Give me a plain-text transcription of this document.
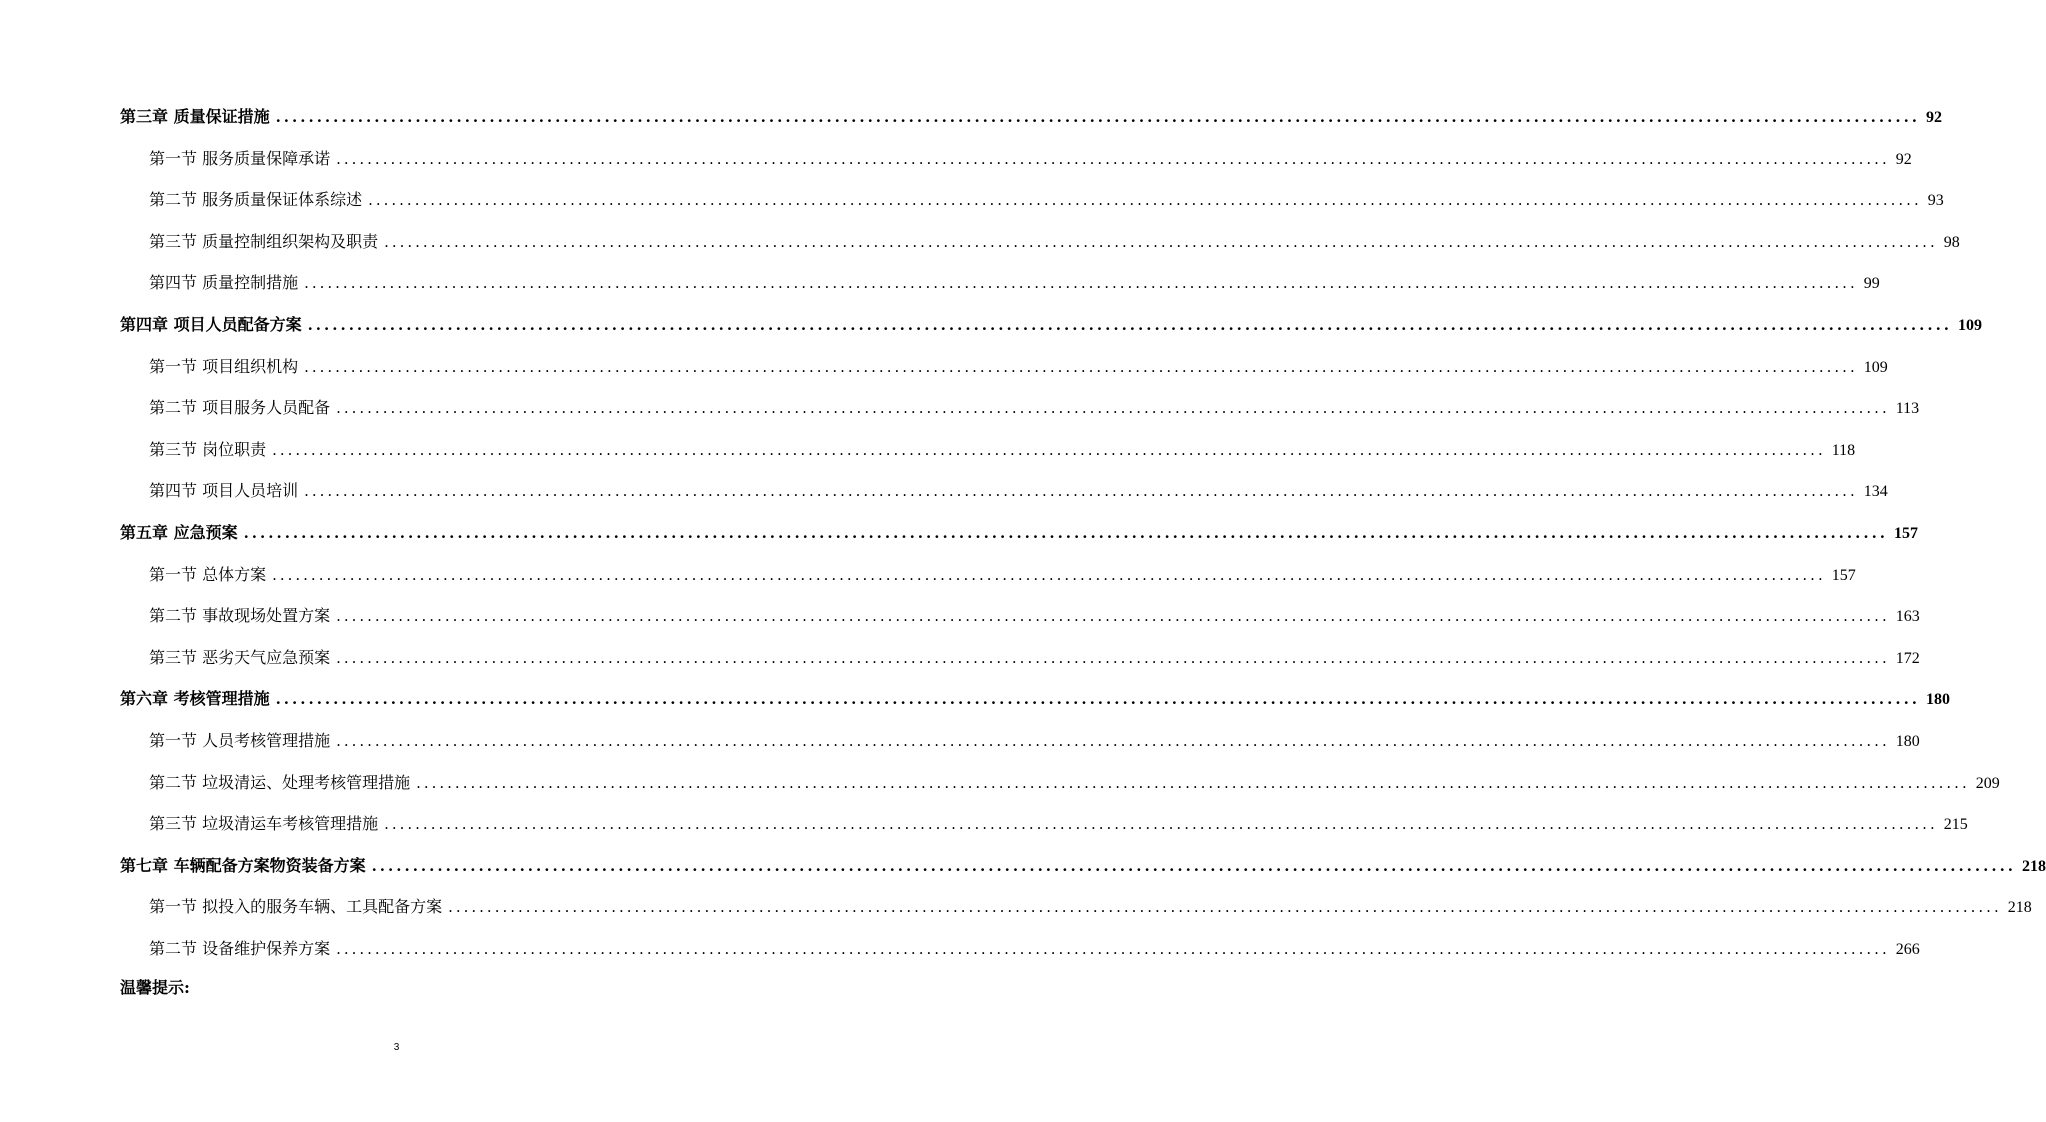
第三章 质量保证措施 ........................................................................................................................................................................................................ 92
第一节 服务质量保障承诺 ........................................................................................................................................................................................................ 92
第二节 服务质量保证体系综述 ........................................................................................................................................................................................................ 93
第三节 质量控制组织架构及职责 ........................................................................................................................................................................................................ 98
第四节 质量控制措施 ........................................................................................................................................................................................................ 99
第四章 项目人员配备方案 ........................................................................................................................................................................................................ 109
第一节 项目组织机构 ........................................................................................................................................................................................................ 109
第二节 项目服务人员配备 ........................................................................................................................................................................................................ 113
第三节 岗位职责 ........................................................................................................................................................................................................ 118
第四节 项目人员培训 ........................................................................................................................................................................................................ 134
第五章 应急预案 ........................................................................................................................................................................................................ 157
第一节 总体方案 ........................................................................................................................................................................................................ 157
第二节 事故现场处置方案 ........................................................................................................................................................................................................ 163
第三节 恶劣天气应急预案 ........................................................................................................................................................................................................ 172
第六章 考核管理措施 ........................................................................................................................................................................................................ 180
第一节 人员考核管理措施 ........................................................................................................................................................................................................ 180
第二节 垃圾清运、处理考核管理措施 ........................................................................................................................................................................................................ 209
第三节 垃圾清运车考核管理措施 ........................................................................................................................................................................................................ 215
第七章 车辆配备方案物资装备方案 ........................................................................................................................................................................................................ 218
第一节 拟投入的服务车辆、工具配备方案 ........................................................................................................................................................................................................ 218
第二节 设备维护保养方案 ........................................................................................................................................................................................................ 266
温馨提示:
3
